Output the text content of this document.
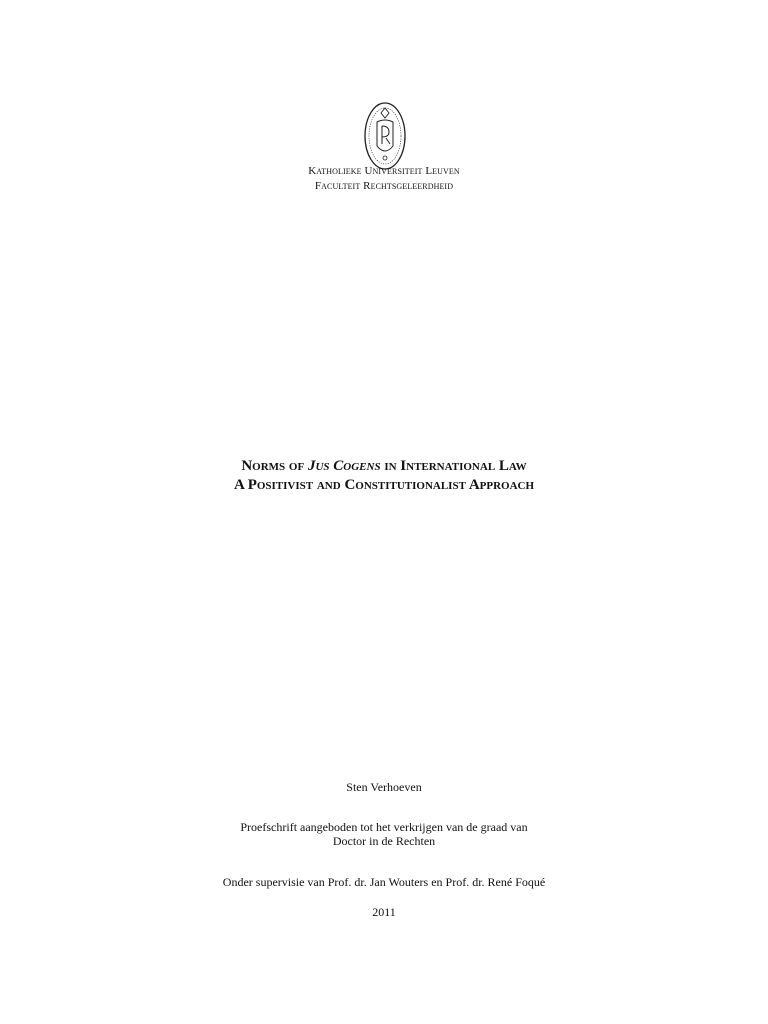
Katholieke Universiteit Leuven
Faculteit Rechtsgeleerdheid
Norms of Jus Cogens in International Law
A Positivist and Constitutionalist Approach
Sten Verhoeven
Proefschrift aangeboden tot het verkrijgen van de graad van
Doctor in de Rechten
Onder supervisie van Prof. dr. Jan Wouters en Prof. dr. René Foqué
2011
